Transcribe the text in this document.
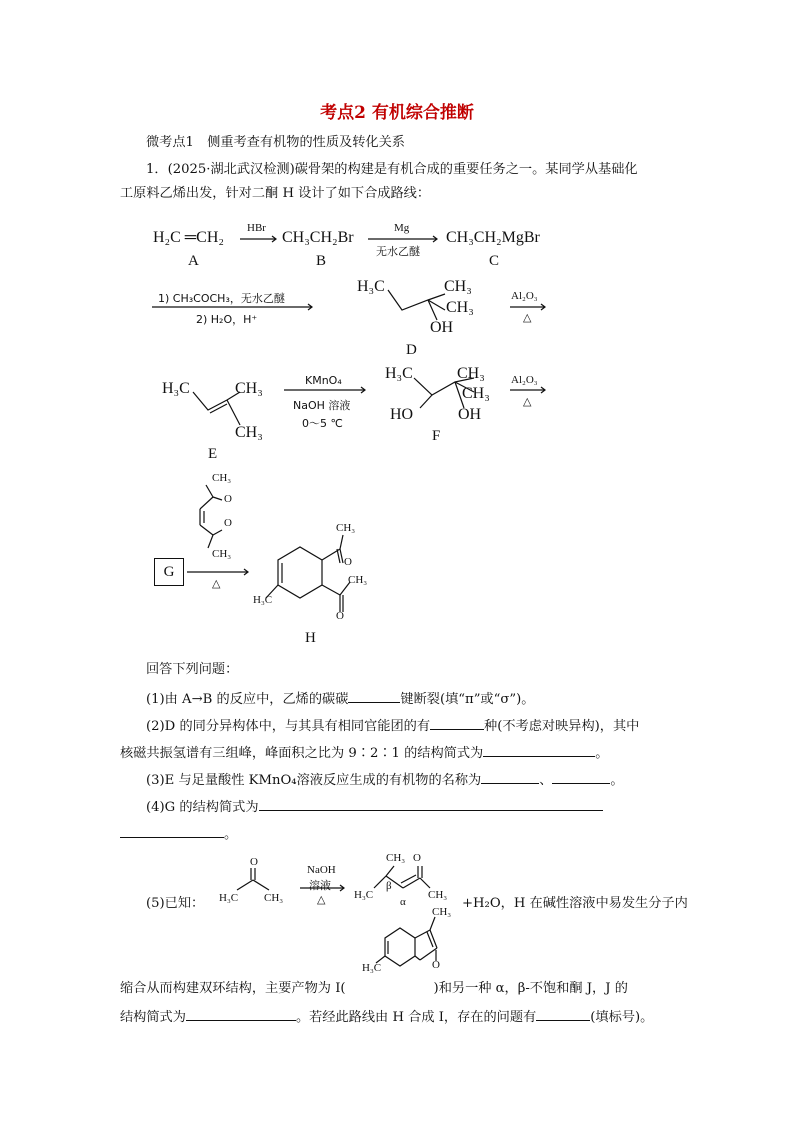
考点2 有机综合推断
微考点1　侧重考查有机物的性质及转化关系
1．(2025·湖北武汉检测)碳骨架的构建是有机合成的重要任务之一。某同学从基础化
工原料乙烯出发，针对二酮 H 设计了如下合成路线：
H₂C ═CH₂
A
HBr
CH₃CH₂Br
B
Mg
无水乙醚
CH₃CH₂MgBr
C
1) CH₃COCH₃，无水乙醚
2) H₂O，H⁺
H₃C	CH₃
CH₃
OH
D
Al₂O₃
△
H₃C	CH₃
CH₃
E
KMnO₄
NaOH 溶液
0～5 ℃
H₃C	CH₃
CH₃
HO	OH
F
Al₂O₃
△
CH₃
O
O
CH₃
G
△
CH₃
O
CH₃
O
H₃C
H
回答下列问题：
(1)由 A→B 的反应中，乙烯的碳碳	键断裂(填“π”或“σ”)。
(2)D 的同分异构体中，与其具有相同官能团的有	种(不考虑对映异构)，其中
核磁共振氢谱有三组峰，峰面积之比为 9∶2∶1 的结构简式为	。
(3)E 与足量酸性 KMnO₄溶液反应生成的有机物的名称为	、	。
(4)G 的结构简式为
。
(5)已知：
O
H₃C CH₃
NaOH
溶液
△
CH₃ O
H₃C	CH₃
β
α	+H₂O，H 在碱性溶液中易发生分子内
CH₃
H₃C	O
缩合从而构建双环结构，主要产物为 I(	)和另一种 α，β-不饱和酮 J，J 的
结构简式为	。若经此路线由 H 合成 I，存在的问题有	(填标号)。
